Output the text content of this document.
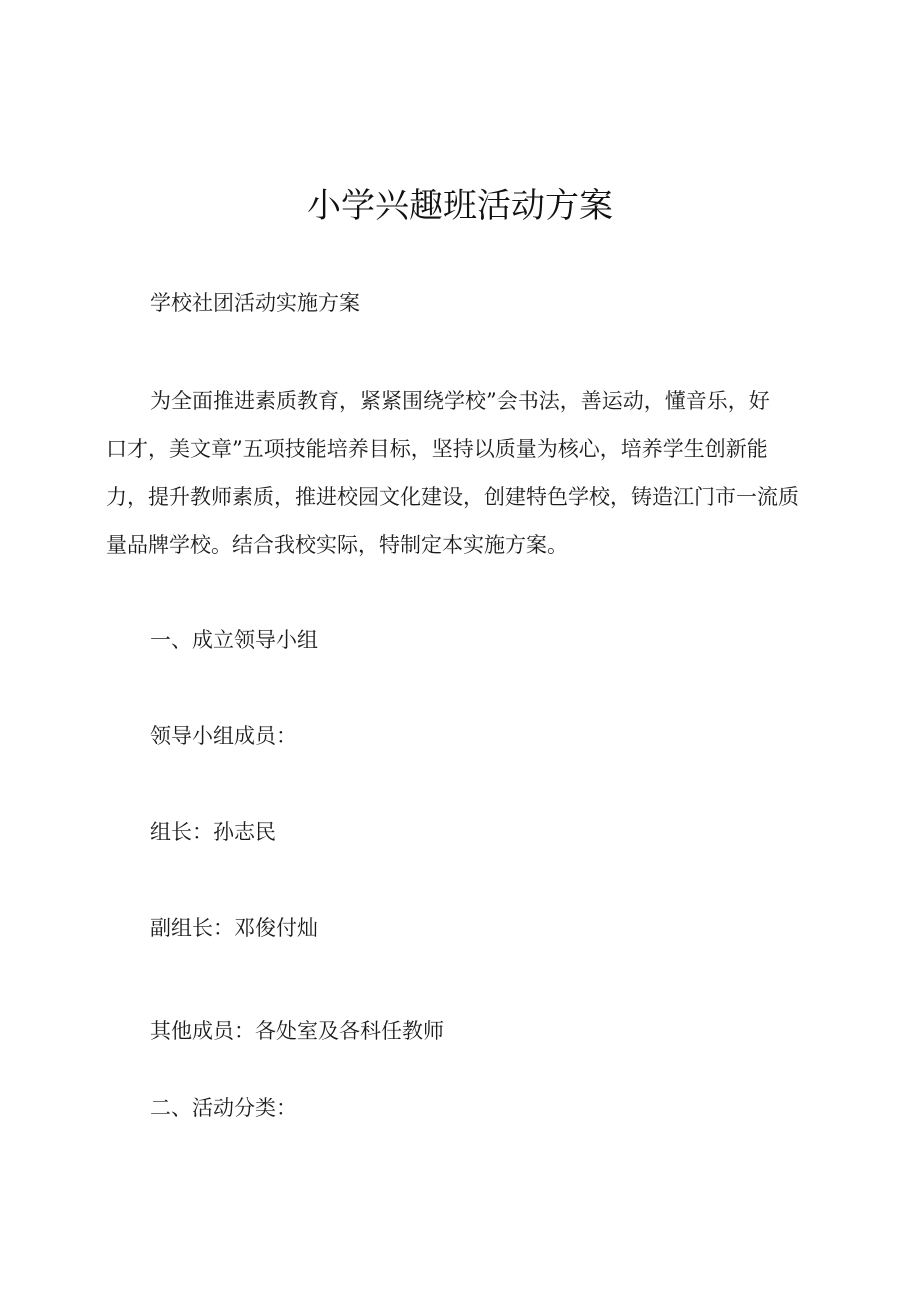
小学兴趣班活动方案

学校社团活动实施方案

为全面推进素质教育，紧紧围绕学校”会书法，善运动，懂音乐，好
口才，美文章”五项技能培养目标，坚持以质量为核心，培养学生创新能
力，提升教师素质，推进校园文化建设，创建特色学校，铸造江门市一流质
量品牌学校。结合我校实际，特制定本实施方案。

一、成立领导小组

领导小组成员：

组长：孙志民

副组长：邓俊付灿

其他成员：各处室及各科任教师

二、活动分类：
